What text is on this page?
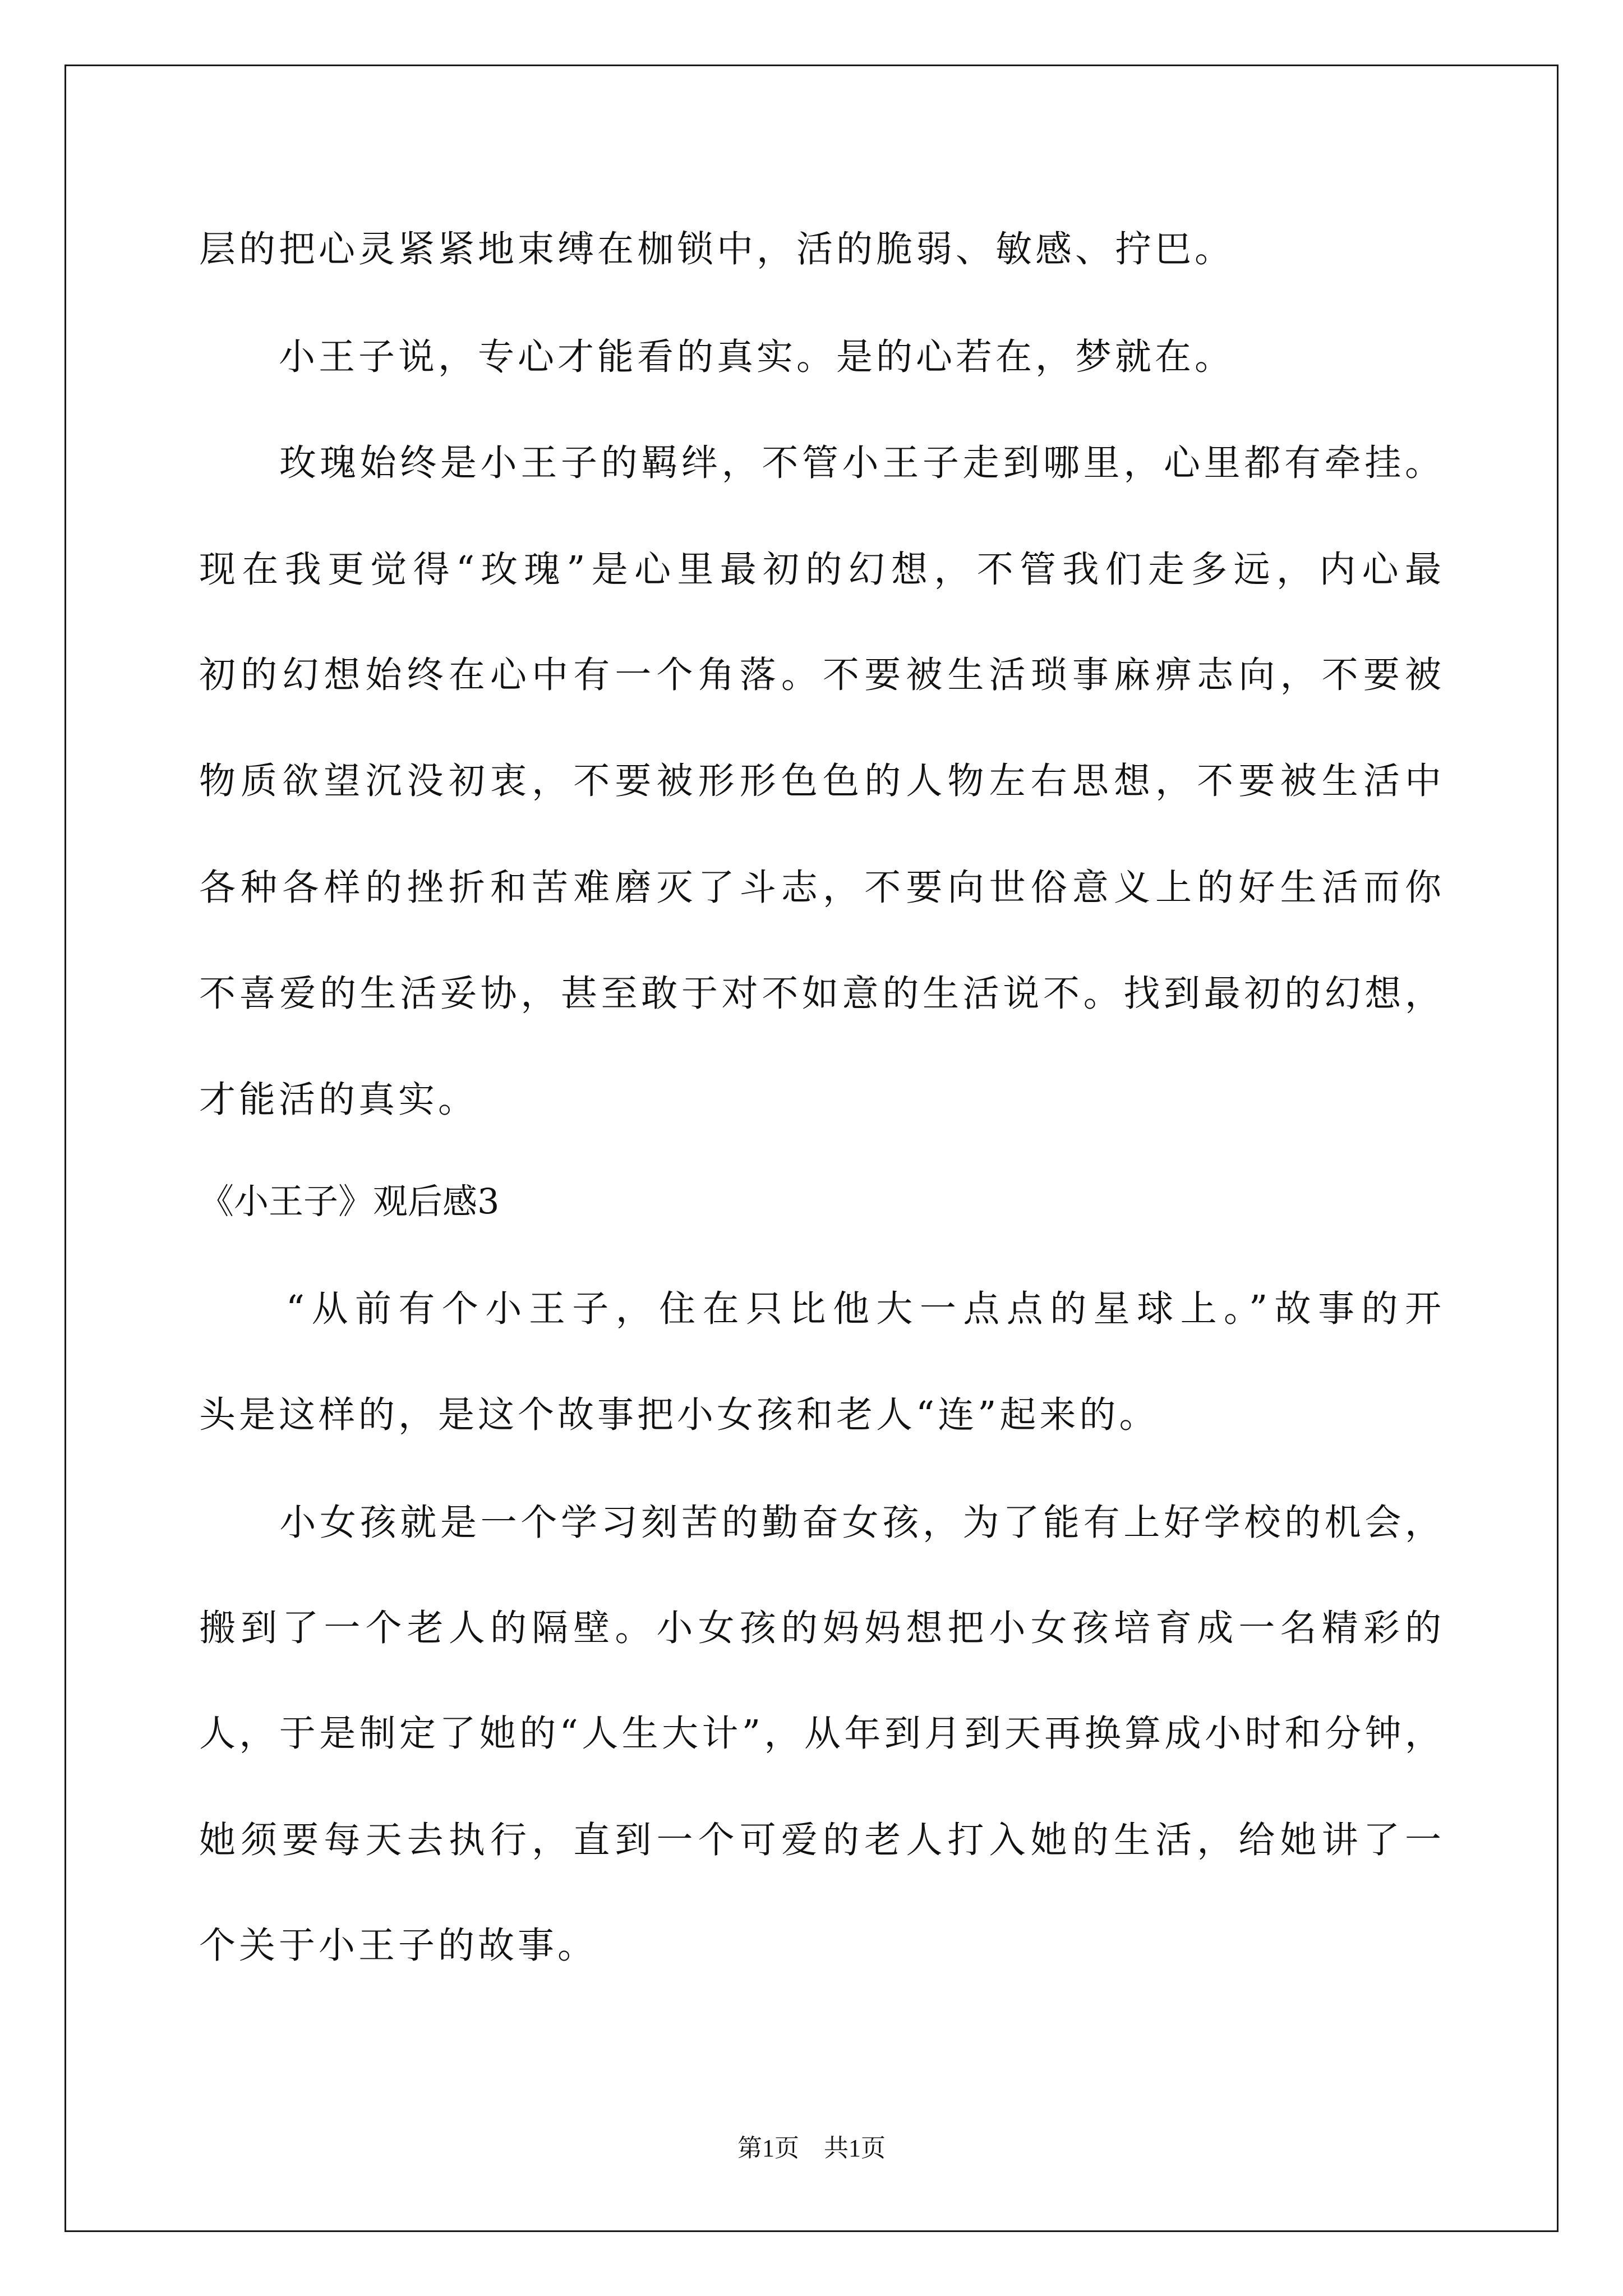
层的把心灵紧紧地束缚在枷锁中，活的脆弱、敏感、拧巴。
　　小王子说，专心才能看的真实。是的心若在，梦就在。
　　玫瑰始终是小王子的羁绊，不管小王子走到哪里，心里都有牵挂。
现在我更觉得“玫瑰”是心里最初的幻想，不管我们走多远，内心最
初的幻想始终在心中有一个角落。不要被生活琐事麻痹志向，不要被
物质欲望沉没初衷，不要被形形色色的人物左右思想，不要被生活中
各种各样的挫折和苦难磨灭了斗志，不要向世俗意义上的好生活而你
不喜爱的生活妥协，甚至敢于对不如意的生活说不。找到最初的幻想，
才能活的真实。
《小王子》观后感3
　　“从前有个小王子，住在只比他大一点点的星球上。”故事的开
头是这样的，是这个故事把小女孩和老人“连”起来的。
　　小女孩就是一个学习刻苦的勤奋女孩，为了能有上好学校的机会，
搬到了一个老人的隔壁。小女孩的妈妈想把小女孩培育成一名精彩的
人，于是制定了她的“人生大计”，从年到月到天再换算成小时和分钟，
她须要每天去执行，直到一个可爱的老人打入她的生活，给她讲了一
个关于小王子的故事。
第1页　共1页
